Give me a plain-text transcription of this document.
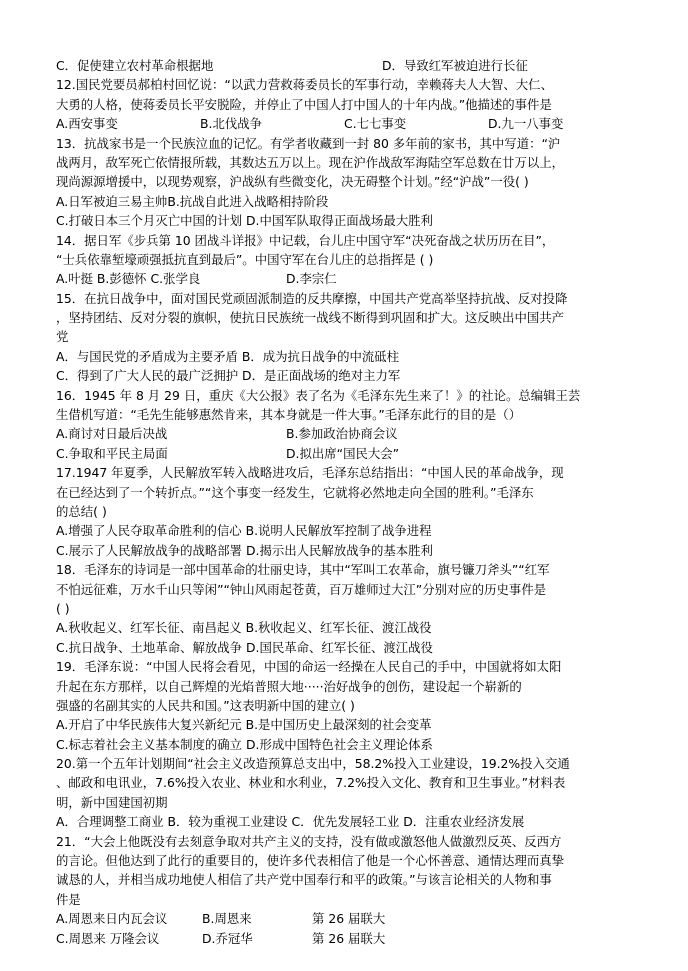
C．促使建立农村革命根据地	D．导致红军被迫进行长征
12.国民党要员郝柏村回忆说：“以武力营救蒋委员长的军事行动，幸赖蒋夫人大智、大仁、
大勇的人格，使蒋委员长平安脱险，并停止了中国人打中国人的十年内战。”他描述的事件是
A.西安事变	B.北伐战争	C.七七事变	D.九一八事变
13．抗战家书是一个民族泣血的记忆。有学者收藏到一封 80 多年前的家书，其中写道：“沪
战两月，敌军死亡依情报所载，其数达五万以上。现在沪作战敌军海陆空军总数在廿万以上，
现尚源源增援中，以现势观察，沪战纵有些微变化，决无碍整个计划。”经“沪战”一役( )
A.日军被迫三易主帅B.抗战自此进入战略相持阶段
C.打破日本三个月灭亡中国的计划 D.中国军队取得正面战场最大胜利
14．据日军《步兵第 10 团战斗详报》中记载，台儿庄中国守军“决死奋战之状历历在目”，
“士兵依靠堑壕顽强抵抗直到最后”。中国守军在台儿庄的总指挥是 ( )
A.叶挺 B.彭德怀 C.张学良	D.李宗仁
15．在抗日战争中，面对国民党顽固派制造的反共摩擦，中国共产党高举坚持抗战、反对投降
，坚持团结、反对分裂的旗帜，使抗日民族统一战线不断得到巩固和扩大。这反映出中国共产
党
A．与国民党的矛盾成为主要矛盾 B．成为抗日战争的中流砥柱
C．得到了广大人民的最广泛拥护 D．是正面战场的绝对主力军
16．1945 年 8 月 29 日，重庆《大公报》表了名为《毛泽东先生来了！》的社论。总编辑王芸
生借机写道：“毛先生能够惠然肯来，其本身就是一件大事。”毛泽东此行的目的是（）
A.商讨对日最后决战	B.参加政治协商会议
C.争取和平民主局面	D.拟出席“国民大会”
17.1947 年夏季，人民解放军转入战略进攻后，毛泽东总结指出：“中国人民的革命战争，现
在已经达到了一个转折点。”“这个事变一经发生，它就将必然地走向全国的胜利。”毛泽东
的总结( )
A.增强了人民夺取革命胜利的信心 B.说明人民解放军控制了战争进程
C.展示了人民解放战争的战略部署 D.揭示出人民解放战争的基本胜利
18．毛泽东的诗词是一部中国革命的壮丽史诗，其中“军叫工农革命，旗号镰刀斧头”“红军
不怕远征难，万水千山只等闲”“钟山风雨起苍黄，百万雄师过大江”分别对应的历史事件是
( )
A.秋收起义、红军长征、南昌起义 B.秋收起义、红军长征、渡江战役
C.抗日战争、土地革命、解放战争 D.国民革命、红军长征、渡江战役
19．毛泽东说：“中国人民将会看见，中国的命运一经操在人民自己的手中，中国就将如太阳
升起在东方那样，以自己辉煌的光焰普照大地·····治好战争的创伤，建设起一个崭新的
强盛的名副其实的人民共和国。”这表明新中国的建立( )
A.开启了中华民族伟大复兴新纪元 B.是中国历史上最深刻的社会变革
C.标志着社会主义基本制度的确立 D.形成中国特色社会主义理论体系
20.第一个五年计划期间“社会主义改造预算总支出中，58.2%投入工业建设，19.2%投入交通
、邮政和电讯业，7.6%投入农业、林业和水利业，7.2%投入文化、教育和卫生事业。”材料表
明，新中国建国初期
A．合理调整工商业 B．较为重视工业建设 C．优先发展轻工业 D．注重农业经济发展
21．“大会上他既没有去刻意争取对共产主义的支持，没有做或激怒他人做激烈反英、反西方
的言论。但他达到了此行的重要目的，使许多代表相信了他是一个心怀善意、通情达理而真挚
诚恳的人，并相当成功地使人相信了共产党中国奉行和平的政策。”与该言论相关的人物和事
件是
A.周恩来日内瓦会议	B.周恩来	第 26 届联大
C.周恩来 万隆会议	D.乔冠华	第 26 届联大
